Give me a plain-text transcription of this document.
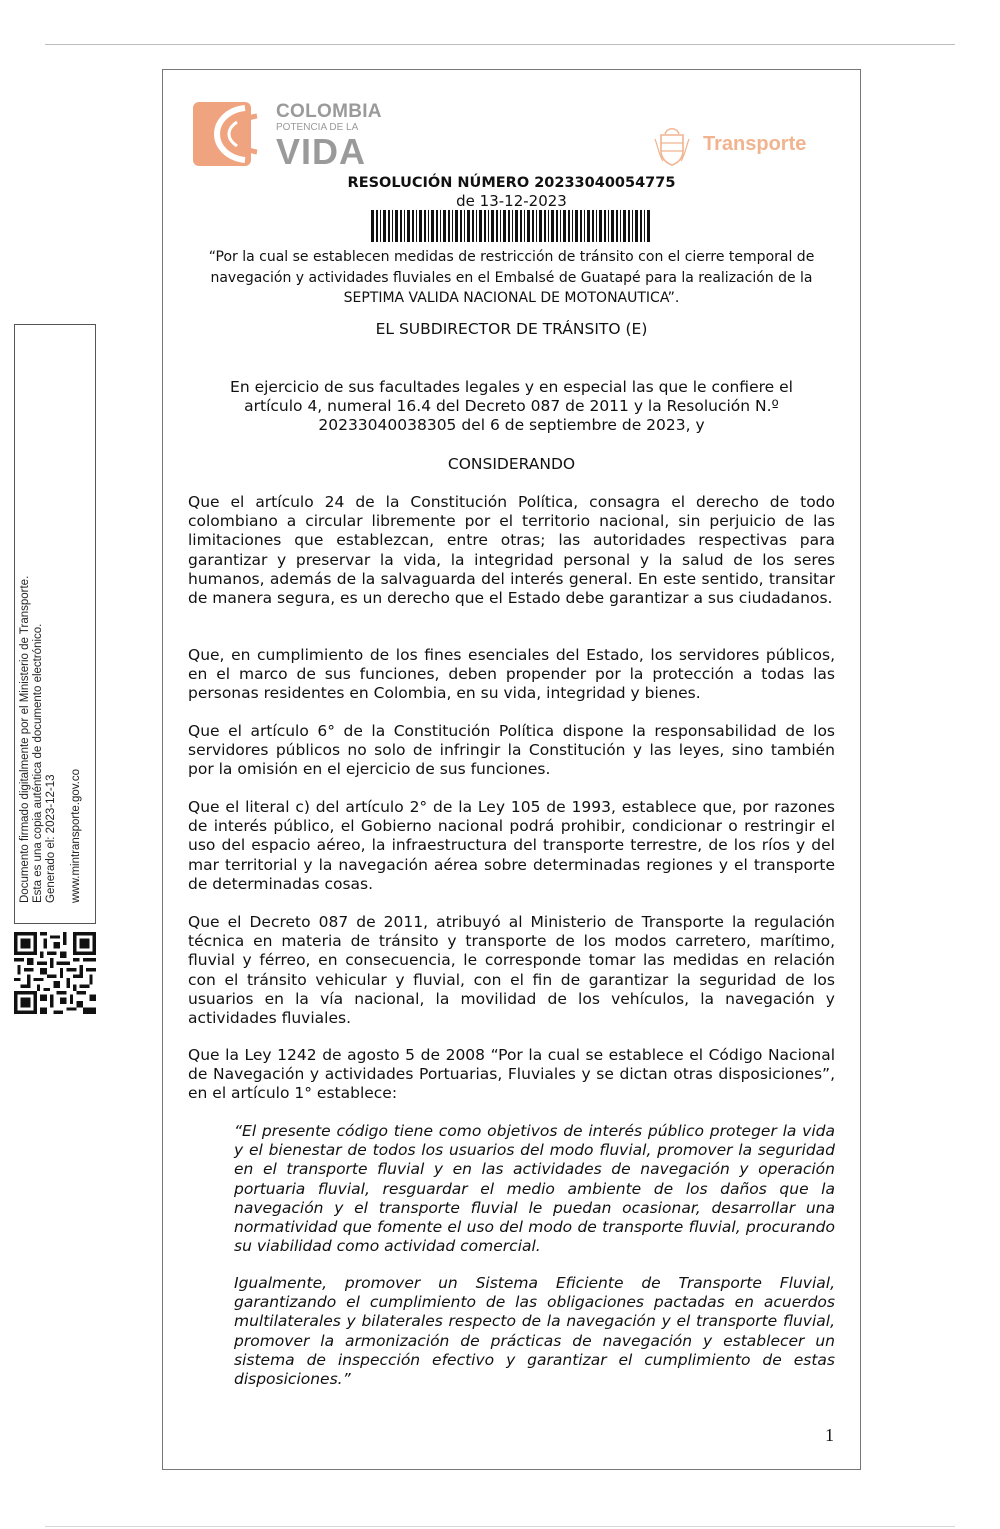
Documento firmado digitalmente por el Ministerio de Transporte. Esta es una copia auténtica de documento electrónico. Generado el: 2023-12-13 www.mintransporte.gov.co
COLOMBIA
POTENCIA DE LA
VIDA	Transporte
RESOLUCIÓN NÚMERO 20233040054775
de 13-12-2023
“Por la cual se establecen medidas de restricción de tránsito con el cierre temporal de navegación y actividades fluviales en el Embalsé de Guatapé para la realización de la SEPTIMA VALIDA NACIONAL DE MOTONAUTICA”.
EL SUBDIRECTOR DE TRÁNSITO (E)
En ejercicio de sus facultades legales y en especial las que le confiere el artículo 4, numeral 16.4 del Decreto 087 de 2011 y la Resolución N.º 20233040038305 del 6 de septiembre de 2023, y
CONSIDERANDO
Que el artículo 24 de la Constitución Política, consagra el derecho de todo colombiano a circular libremente por el territorio nacional, sin perjuicio de las limitaciones que establezcan, entre otras; las autoridades respectivas para garantizar y preservar la vida, la integridad personal y la salud de los seres humanos, además de la salvaguarda del interés general. En este sentido, transitar de manera segura, es un derecho que el Estado debe garantizar a sus ciudadanos.
Que, en cumplimiento de los fines esenciales del Estado, los servidores públicos, en el marco de sus funciones, deben propender por la protección a todas las personas residentes en Colombia, en su vida, integridad y bienes.
Que el artículo 6° de la Constitución Política dispone la responsabilidad de los servidores públicos no solo de infringir la Constitución y las leyes, sino también por la omisión en el ejercicio de sus funciones.
Que el literal c) del artículo 2° de la Ley 105 de 1993, establece que, por razones de interés público, el Gobierno nacional podrá prohibir, condicionar o restringir el uso del espacio aéreo, la infraestructura del transporte terrestre, de los ríos y del mar territorial y la navegación aérea sobre determinadas regiones y el transporte de determinadas cosas.
Que el Decreto 087 de 2011, atribuyó al Ministerio de Transporte la regulación técnica en materia de tránsito y transporte de los modos carretero, marítimo, fluvial y férreo, en consecuencia, le corresponde tomar las medidas en relación con el tránsito vehicular y fluvial, con el fin de garantizar la seguridad de los usuarios en la vía nacional, la movilidad de los vehículos, la navegación y actividades fluviales.
Que la Ley 1242 de agosto 5 de 2008 “Por la cual se establece el Código Nacional de Navegación y actividades Portuarias, Fluviales y se dictan otras disposiciones”, en el artículo 1° establece:
“El presente código tiene como objetivos de interés público proteger la vida y el bienestar de todos los usuarios del modo fluvial, promover la seguridad en el transporte fluvial y en las actividades de navegación y operación portuaria fluvial, resguardar el medio ambiente de los daños que la navegación y el transporte fluvial le puedan ocasionar, desarrollar una normatividad que fomente el uso del modo de transporte fluvial, procurando su viabilidad como actividad comercial.
Igualmente, promover un Sistema Eficiente de Transporte Fluvial, garantizando el cumplimiento de las obligaciones pactadas en acuerdos multilaterales y bilaterales respecto de la navegación y el transporte fluvial, promover la armonización de prácticas de navegación y establecer un sistema de inspección efectivo y garantizar el cumplimiento de estas disposiciones.”
1
